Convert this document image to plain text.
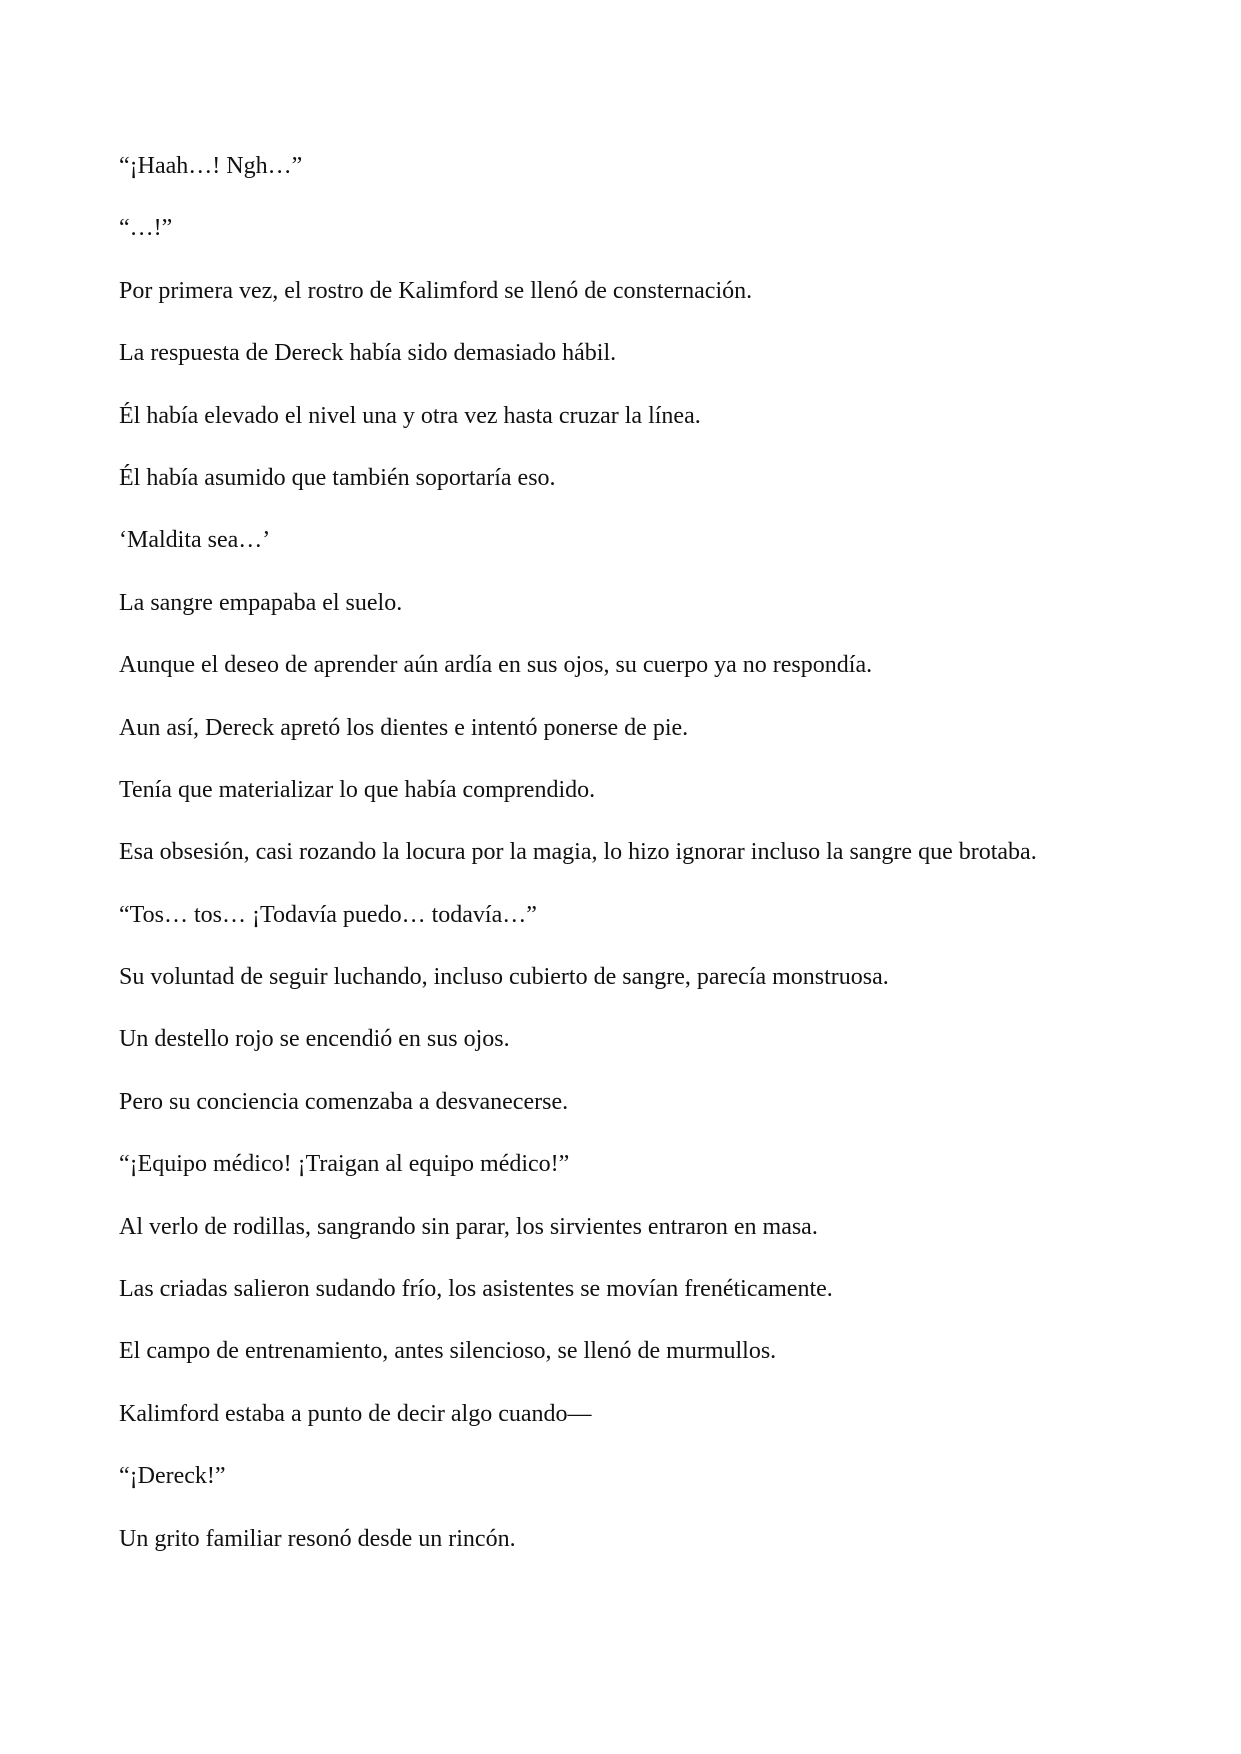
“¡Haah…! Ngh…”

“…!”

Por primera vez, el rostro de Kalimford se llenó de consternación.

La respuesta de Dereck había sido demasiado hábil.

Él había elevado el nivel una y otra vez hasta cruzar la línea.

Él había asumido que también soportaría eso.

‘Maldita sea…’

La sangre empapaba el suelo.

Aunque el deseo de aprender aún ardía en sus ojos, su cuerpo ya no respondía.

Aun así, Dereck apretó los dientes e intentó ponerse de pie.

Tenía que materializar lo que había comprendido.

Esa obsesión, casi rozando la locura por la magia, lo hizo ignorar incluso la sangre que brotaba.

“Tos… tos… ¡Todavía puedo… todavía…”

Su voluntad de seguir luchando, incluso cubierto de sangre, parecía monstruosa.

Un destello rojo se encendió en sus ojos.

Pero su conciencia comenzaba a desvanecerse.

“¡Equipo médico! ¡Traigan al equipo médico!”

Al verlo de rodillas, sangrando sin parar, los sirvientes entraron en masa.

Las criadas salieron sudando frío, los asistentes se movían frenéticamente.

El campo de entrenamiento, antes silencioso, se llenó de murmullos.

Kalimford estaba a punto de decir algo cuando—

“¡Dereck!”

Un grito familiar resonó desde un rincón.
